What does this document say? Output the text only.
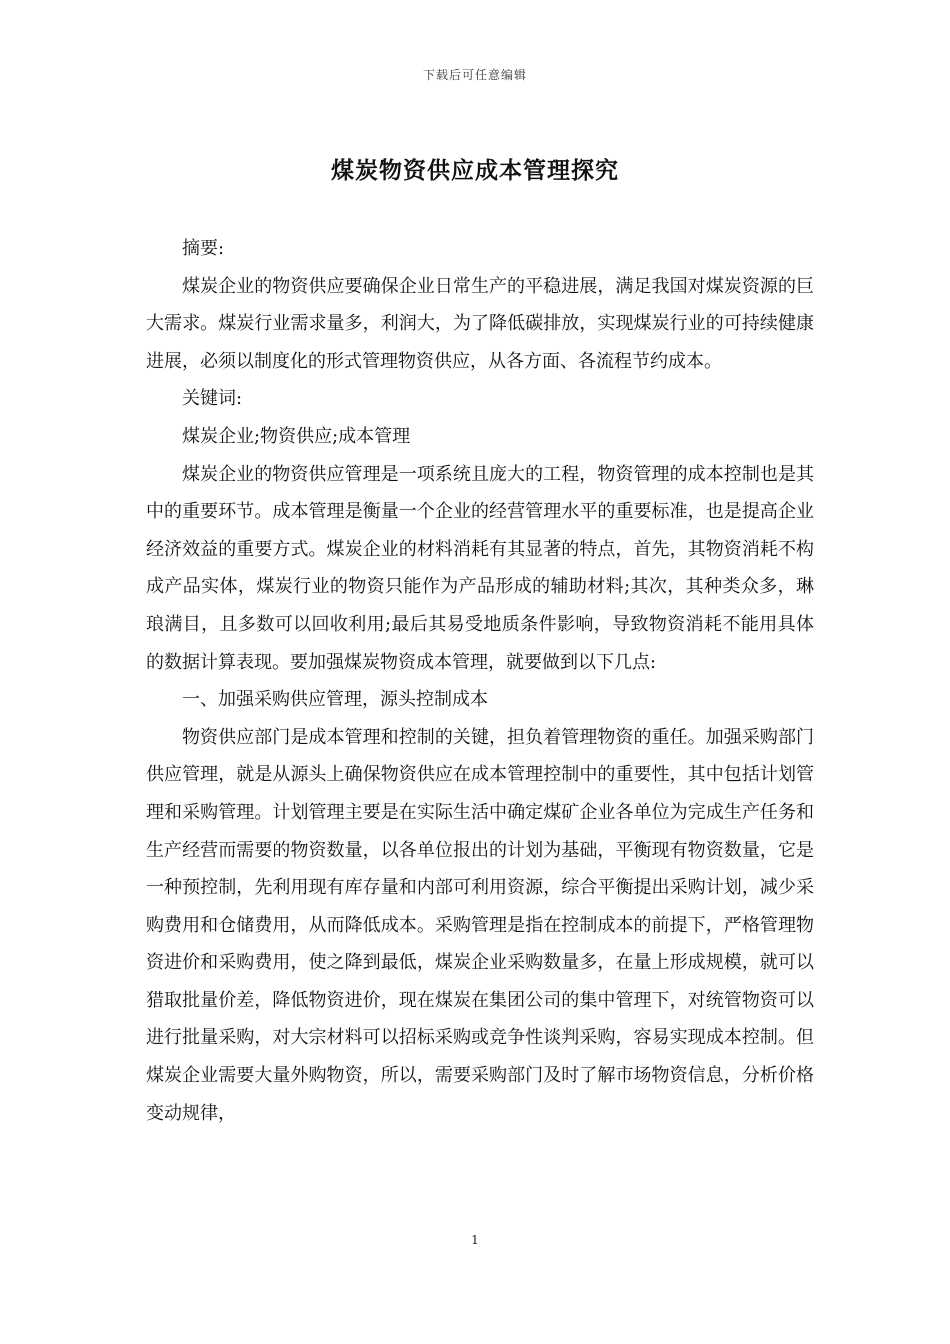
下载后可任意编辑
煤炭物资供应成本管理探究

摘要:

煤炭企业的物资供应要确保企业日常生产的平稳进展，满足我国对煤炭资源的巨大需求。煤炭行业需求量多，利润大，为了降低碳排放，实现煤炭行业的可持续健康进展，必须以制度化的形式管理物资供应，从各方面、各流程节约成本。

关键词:

煤炭企业;物资供应;成本管理

煤炭企业的物资供应管理是一项系统且庞大的工程，物资管理的成本控制也是其中的重要环节。成本管理是衡量一个企业的经营管理水平的重要标准，也是提高企业经济效益的重要方式。煤炭企业的材料消耗有其显著的特点，首先，其物资消耗不构成产品实体，煤炭行业的物资只能作为产品形成的辅助材料;其次，其种类众多，琳琅满目，且多数可以回收利用;最后其易受地质条件影响，导致物资消耗不能用具体的数据计算表现。要加强煤炭物资成本管理，就要做到以下几点:

一、加强采购供应管理，源头控制成本

物资供应部门是成本管理和控制的关键，担负着管理物资的重任。加强采购部门供应管理，就是从源头上确保物资供应在成本管理控制中的重要性，其中包括计划管理和采购管理。计划管理主要是在实际生活中确定煤矿企业各单位为完成生产任务和生产经营而需要的物资数量，以各单位报出的计划为基础，平衡现有物资数量，它是一种预控制，先利用现有库存量和内部可利用资源，综合平衡提出采购计划，减少采购费用和仓储费用，从而降低成本。采购管理是指在控制成本的前提下，严格管理物资进价和采购费用，使之降到最低，煤炭企业采购数量多，在量上形成规模，就可以猎取批量价差，降低物资进价，现在煤炭在集团公司的集中管理下，对统管物资可以进行批量采购，对大宗材料可以招标采购或竞争性谈判采购，容易实现成本控制。但煤炭企业需要大量外购物资，所以，需要采购部门及时了解市场物资信息，分析价格变动规律，

1
